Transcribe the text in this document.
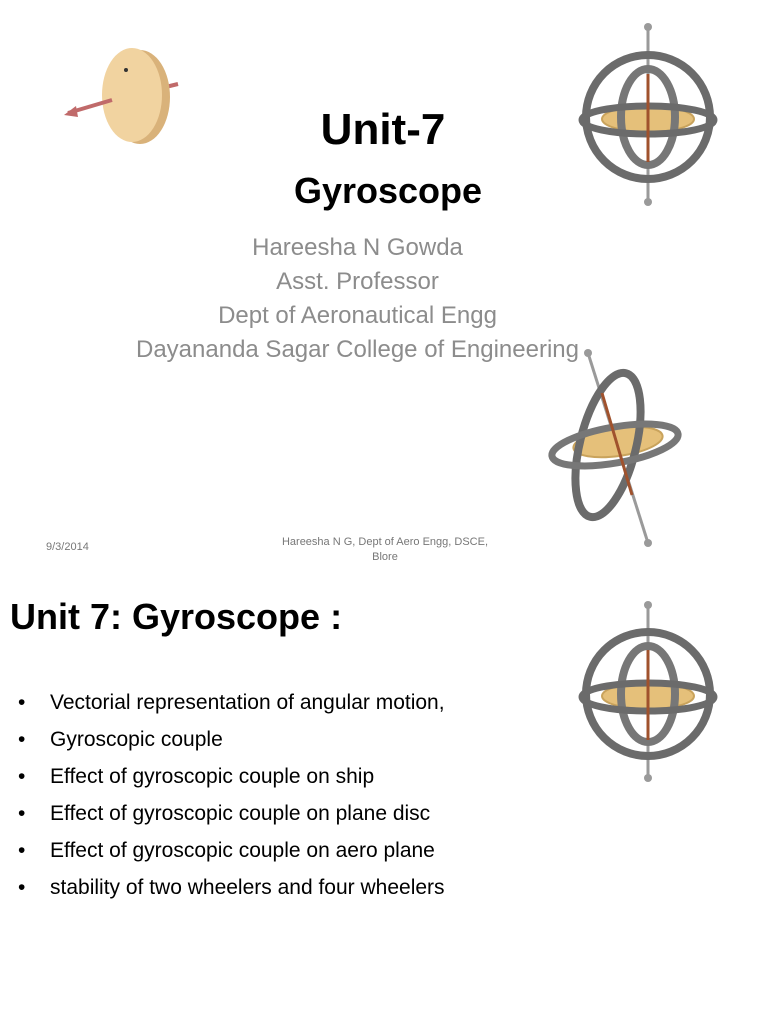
Unit-7
Gyroscope
Hareesha N Gowda
Asst. Professor
Dept of Aeronautical Engg
Dayananda Sagar College of Engineering
9/3/2014	Hareesha N G, Dept of Aero Engg, DSCE,
Blore
Unit 7: Gyroscope :
• Vectorial representation of angular motion,
• Gyroscopic couple
• Effect of gyroscopic couple on ship
• Effect of gyroscopic couple on plane disc
• Effect of gyroscopic couple on aero plane
• stability of two wheelers and four wheelers
